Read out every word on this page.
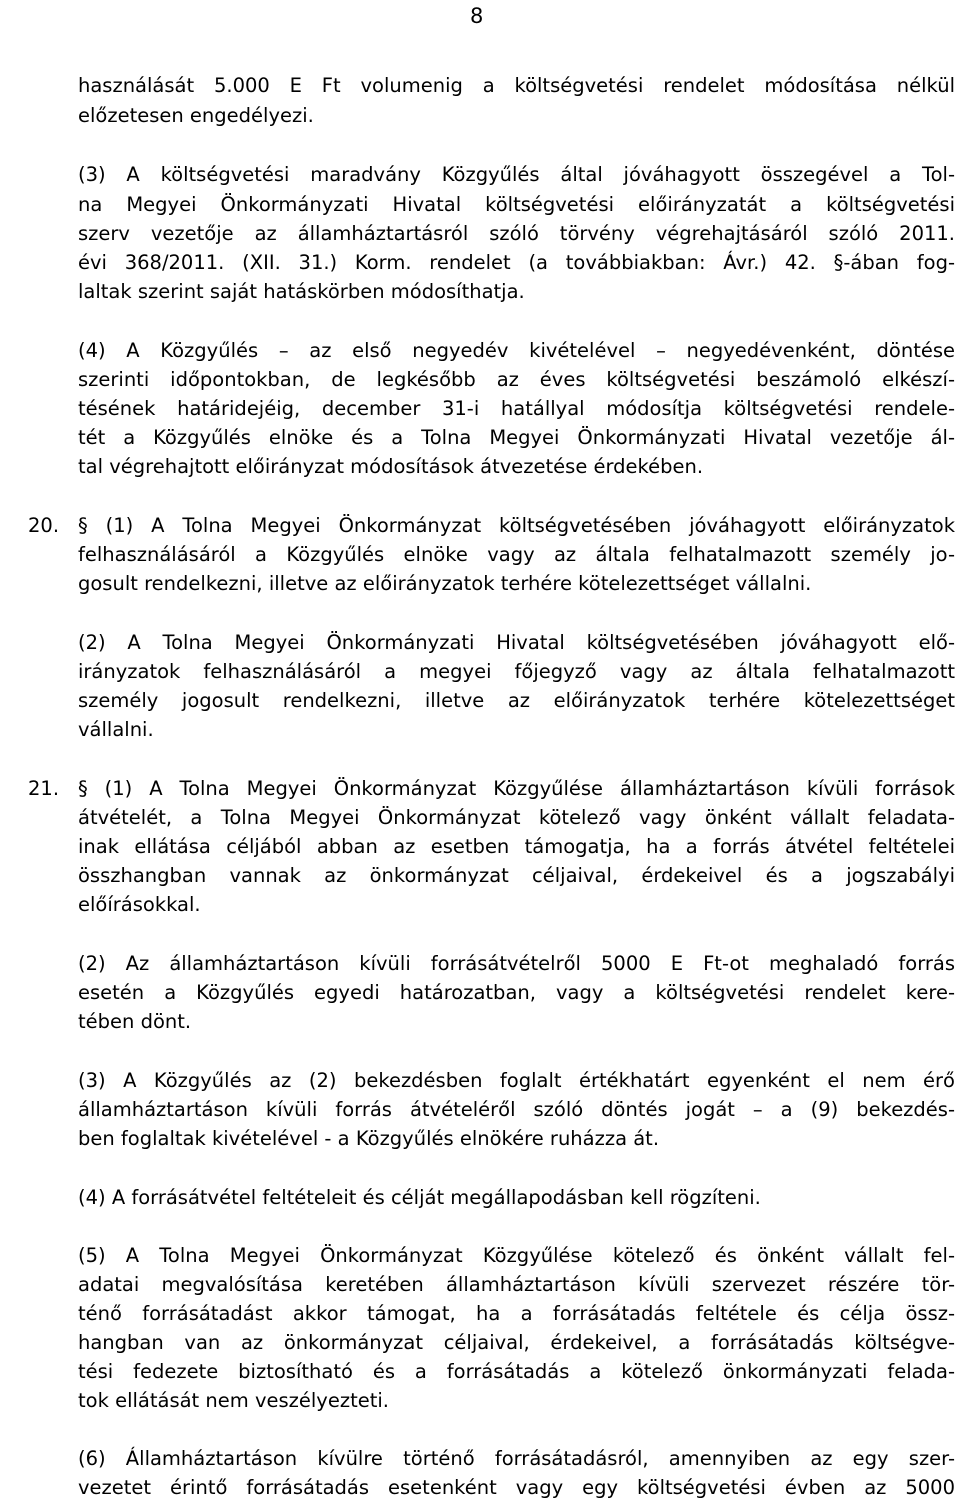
8
használását 5.000 E Ft volumenig a költségvetési rendelet módosítása nélkül
előzetesen engedélyezi.
(3) A költségvetési maradvány Közgyűlés által jóváhagyott összegével a Tol-
na Megyei Önkormányzati Hivatal költségvetési előirányzatát a költségvetési
szerv vezetője az államháztartásról szóló törvény végrehajtásáról szóló 2011.
évi 368/2011. (XII. 31.) Korm. rendelet (a továbbiakban: Ávr.) 42. §-ában fog-
laltak szerint saját hatáskörben módosíthatja.
(4) A Közgyűlés – az első negyedév kivételével – negyedévenként, döntése
szerinti időpontokban, de legkésőbb az éves költségvetési beszámoló elkészí-
tésének határidejéig, december 31-i hatállyal módosítja költségvetési rendele-
tét a Közgyűlés elnöke és a Tolna Megyei Önkormányzati Hivatal vezetője ál-
tal végrehajtott előirányzat módosítások átvezetése érdekében.
20. § (1) A Tolna Megyei Önkormányzat költségvetésében jóváhagyott előirányzatok
felhasználásáról a Közgyűlés elnöke vagy az általa felhatalmazott személy jo-
gosult rendelkezni, illetve az előirányzatok terhére kötelezettséget vállalni.
(2) A Tolna Megyei Önkormányzati Hivatal költségvetésében jóváhagyott elő-
irányzatok felhasználásáról a megyei főjegyző vagy az általa felhatalmazott
személy jogosult rendelkezni, illetve az előirányzatok terhére kötelezettséget
vállalni.
21. § (1) A Tolna Megyei Önkormányzat Közgyűlése államháztartáson kívüli források
átvételét, a Tolna Megyei Önkormányzat kötelező vagy önként vállalt feladata-
inak ellátása céljából abban az esetben támogatja, ha a forrás átvétel feltételei
összhangban vannak az önkormányzat céljaival, érdekeivel és a jogszabályi
előírásokkal.
(2) Az államháztartáson kívüli forrásátvételről 5000 E Ft-ot meghaladó forrás
esetén a Közgyűlés egyedi határozatban, vagy a költségvetési rendelet kere-
tében dönt.
(3) A Közgyűlés az (2) bekezdésben foglalt értékhatárt egyenként el nem érő
államháztartáson kívüli forrás átvételéről szóló döntés jogát – a (9) bekezdés-
ben foglaltak kivételével - a Közgyűlés elnökére ruházza át.
(4) A forrásátvétel feltételeit és célját megállapodásban kell rögzíteni.
(5) A Tolna Megyei Önkormányzat Közgyűlése kötelező és önként vállalt fel-
adatai megvalósítása keretében államháztartáson kívüli szervezet részére tör-
ténő forrásátadást akkor támogat, ha a forrásátadás feltétele és célja össz-
hangban van az önkormányzat céljaival, érdekeivel, a forrásátadás költségve-
tési fedezete biztosítható és a forrásátadás a kötelező önkormányzati felada-
tok ellátását nem veszélyezteti.
(6) Államháztartáson kívülre történő forrásátadásról, amennyiben az egy szer-
vezetet érintő forrásátadás esetenként vagy egy költségvetési évben az 5000
